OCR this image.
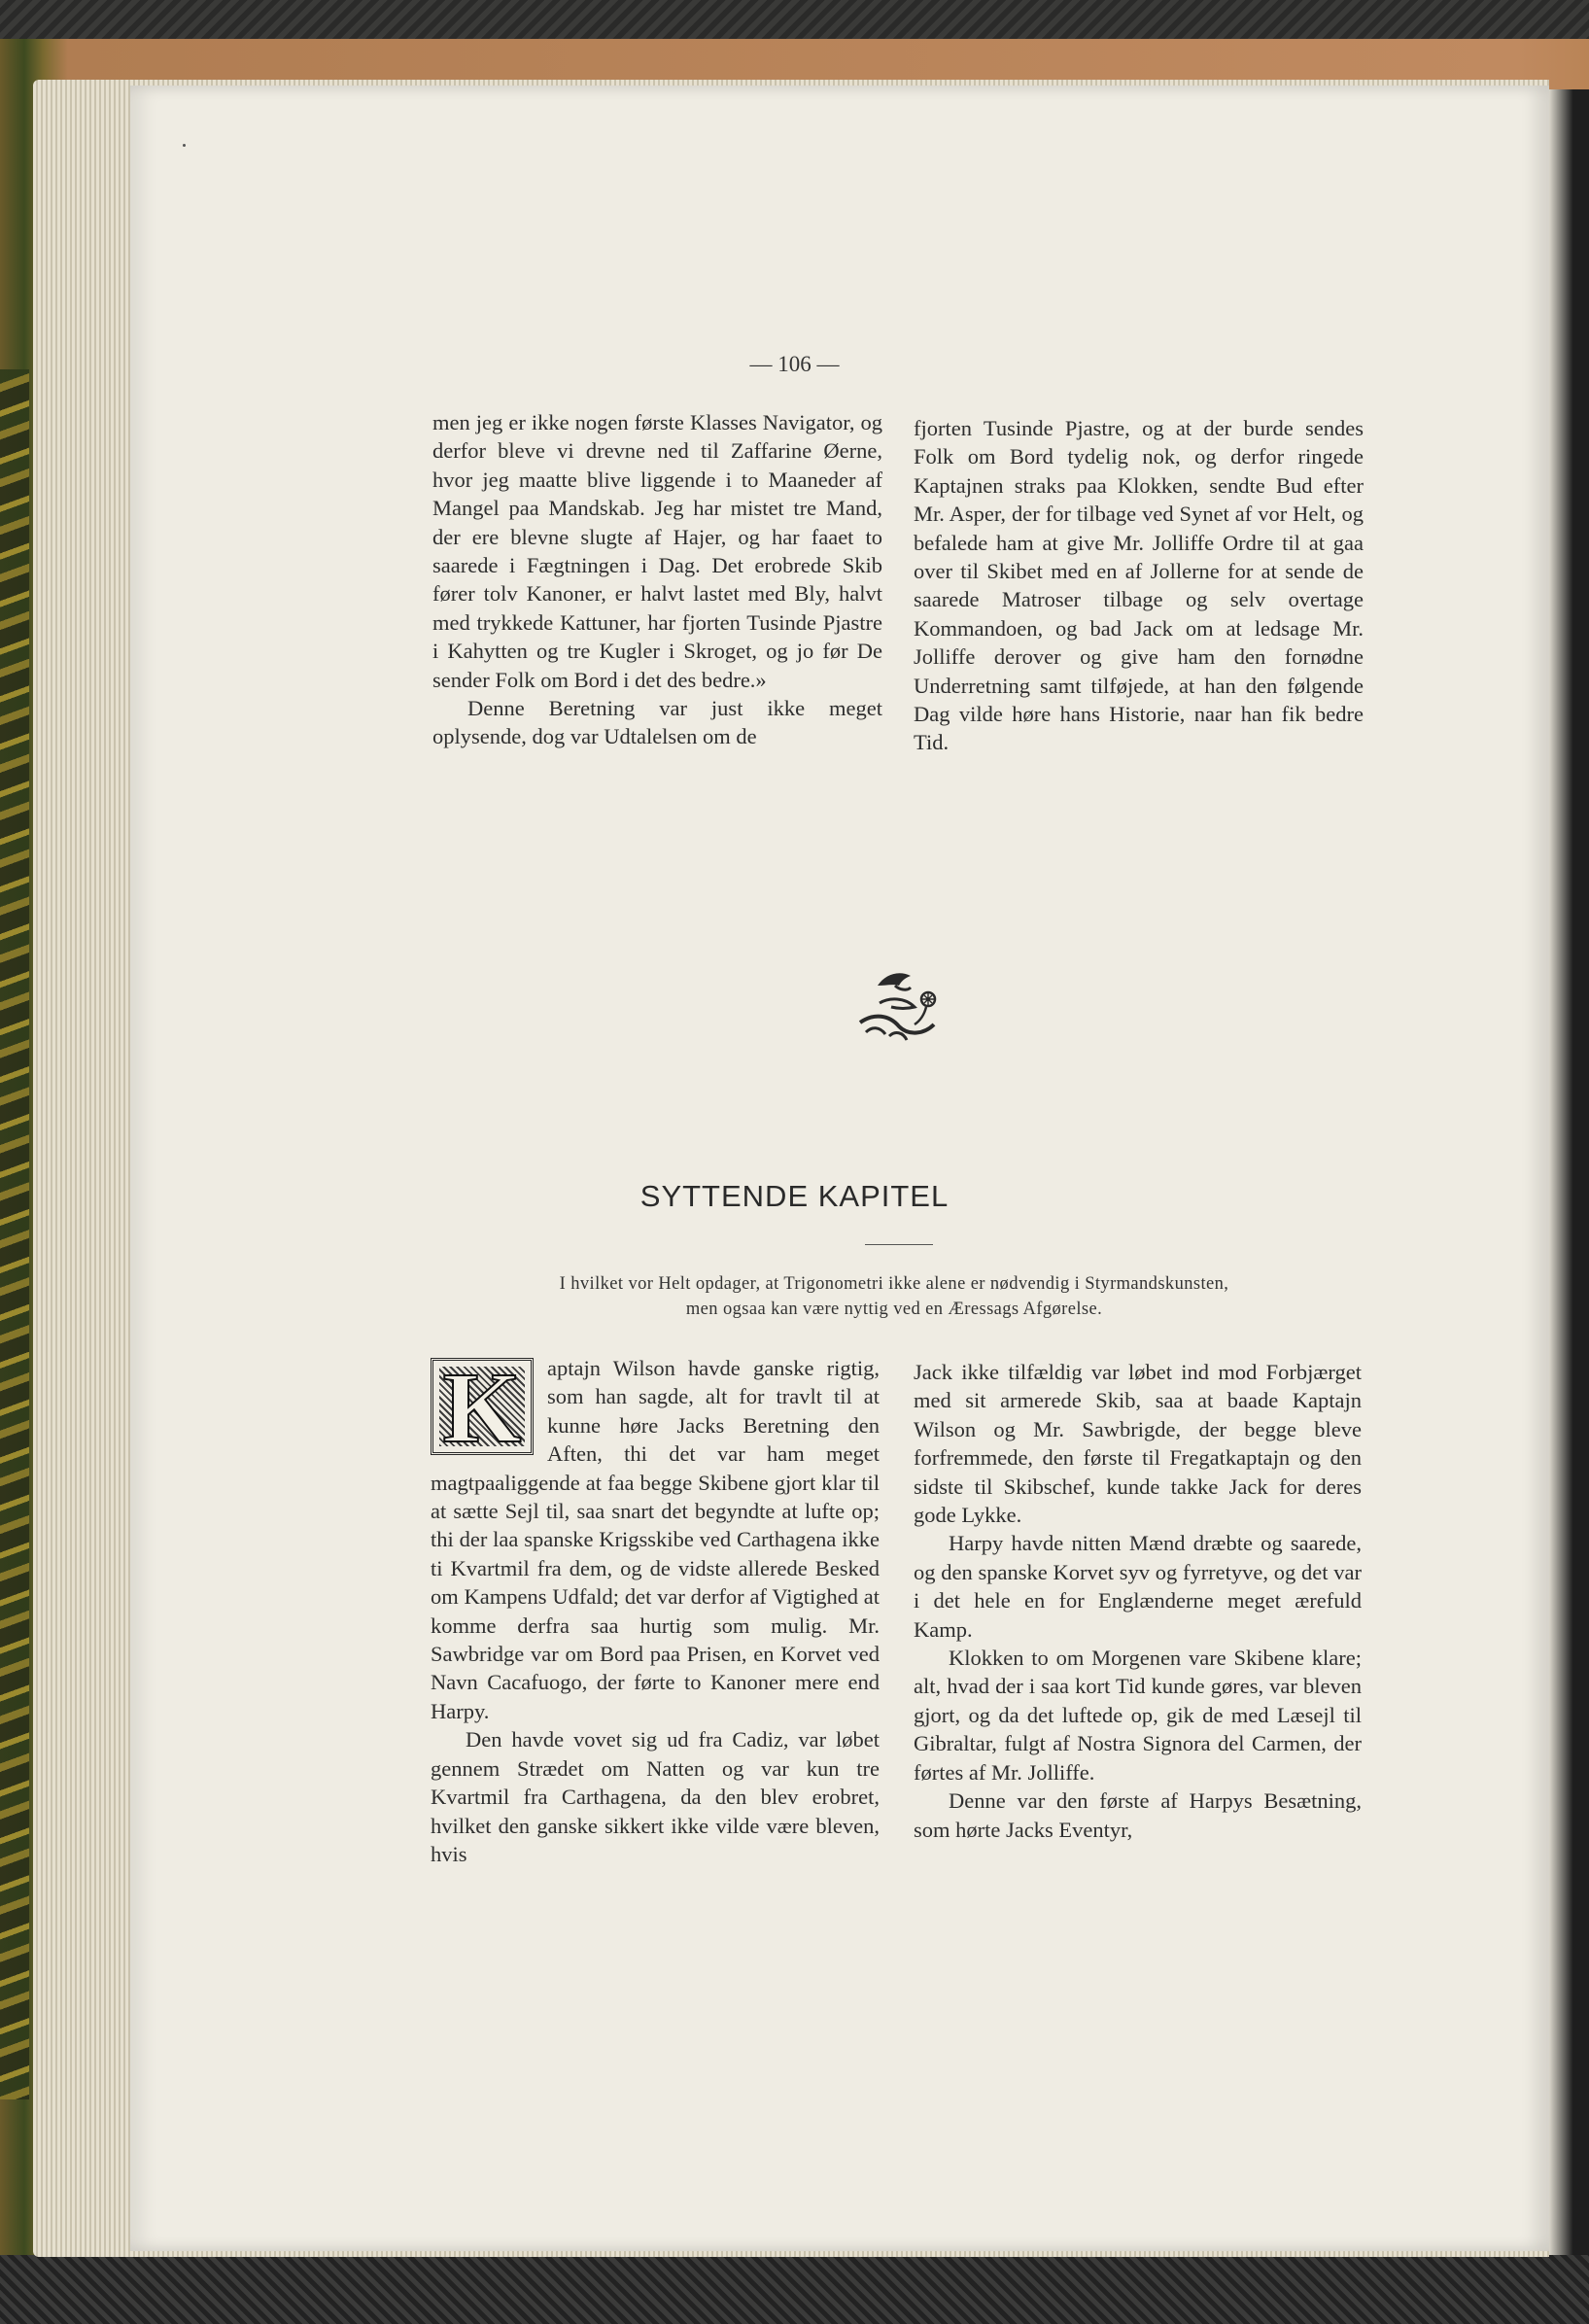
— 106 —

men jeg er ikke nogen første Klasses Navigator, og derfor bleve vi drevne ned til Zaffarine Øerne, hvor jeg maatte blive liggende i to Maaneder af Mangel paa Mandskab. Jeg har mistet tre Mand, der ere blevne slugte af Hajer, og har faaet to saarede i Fægtningen i Dag. Det erobrede Skib fører tolv Kanoner, er halvt lastet med Bly, halvt med trykkede Kattuner, har fjorten Tusinde Pjastre i Kahytten og tre Kugler i Skroget, og jo før De sender Folk om Bord i det des bedre.»

Denne Beretning var just ikke meget oplysende, dog var Udtalelsen om de

fjorten Tusinde Pjastre, og at der burde sendes Folk om Bord tydelig nok, og derfor ringede Kaptajnen straks paa Klokken, sendte Bud efter Mr. Asper, der for tilbage ved Synet af vor Helt, og befalede ham at give Mr. Jolliffe Ordre til at gaa over til Skibet med en af Jollerne for at sende de saarede Matroser tilbage og selv overtage Kommandoen, og bad Jack om at ledsage Mr. Jolliffe derover og give ham den fornødne Underretning samt tilføjede, at han den følgende Dag vilde høre hans Historie, naar han fik bedre Tid.

SYTTENDE KAPITEL
I hvilket vor Helt opdager, at Trigonometri ikke alene er nødvendig i Styrmandskunsten,
men ogsaa kan være nyttig ved en Æressags Afgørelse.
K	aptajn Wilson havde ganske rigtig, som han sagde, alt for travlt til at kunne høre Jacks Beretning den Aften, thi det var ham meget magtpaaliggende at faa begge Skibene gjort klar til at sætte Sejl til, saa snart det begyndte at lufte op; thi der laa spanske Krigsskibe ved Carthagena ikke ti Kvartmil fra dem, og de vidste allerede Besked om Kampens Udfald; det var derfor af Vigtighed at komme derfra saa hurtig som mulig. Mr. Sawbridge var om Bord paa Prisen, en Korvet ved Navn Cacafuogo, der førte to Kanoner mere end Harpy.

Den havde vovet sig ud fra Cadiz, var løbet gennem Strædet om Natten og var kun tre Kvartmil fra Carthagena, da den blev erobret, hvilket den ganske sikkert ikke vilde være bleven, hvis

Jack ikke tilfældig var løbet ind mod Forbjærget med sit armerede Skib, saa at baade Kaptajn Wilson og Mr. Sawbrigde, der begge bleve forfremmede, den første til Fregatkaptajn og den sidste til Skibschef, kunde takke Jack for deres gode Lykke.

Harpy havde nitten Mænd dræbte og saarede, og den spanske Korvet syv og fyrretyve, og det var i det hele en for Englænderne meget ærefuld Kamp.

Klokken to om Morgenen vare Skibene klare; alt, hvad der i saa kort Tid kunde gøres, var bleven gjort, og da det luftede op, gik de med Læsejl til Gibraltar, fulgt af Nostra Signora del Carmen, der førtes af Mr. Jolliffe.

Denne var den første af Harpys Besætning, som hørte Jacks Eventyr,
